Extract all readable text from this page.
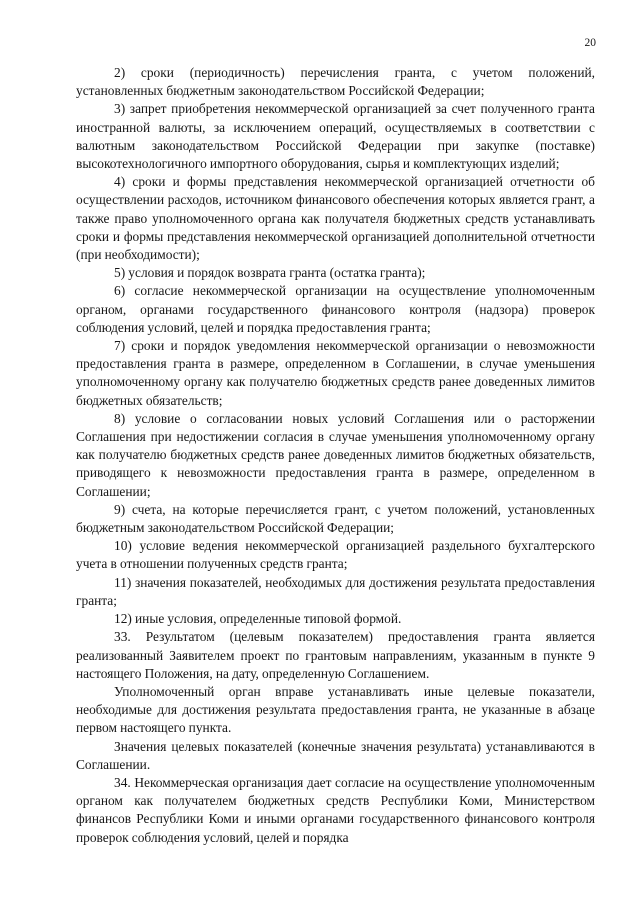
20

2) сроки (периодичность) перечисления гранта, с учетом положений, установленных бюджетным законодательством Российской Федерации;

3) запрет приобретения некоммерческой организацией за счет полученного гранта иностранной валюты, за исключением операций, осуществляемых в соответствии с валютным законодательством Российской Федерации при закупке (поставке) высокотехнологичного импортного оборудования, сырья и комплектующих изделий;

4) сроки и формы представления некоммерческой организацией отчетности об осуществлении расходов, источником финансового обеспечения которых является грант, а также право уполномоченного органа как получателя бюджетных средств устанавливать сроки и формы представления некоммерческой организацией дополнительной отчетности (при необходимости);

5) условия и порядок возврата гранта (остатка гранта);

6) согласие некоммерческой организации на осуществление уполномоченным органом, органами государственного финансового контроля (надзора) проверок соблюдения условий, целей и порядка предоставления гранта;

7) сроки и порядок уведомления некоммерческой организации о невозможности предоставления гранта в размере, определенном в Соглашении, в случае уменьшения уполномоченному органу как получателю бюджетных средств ранее доведенных лимитов бюджетных обязательств;

8) условие о согласовании новых условий Соглашения или о расторжении Соглашения при недостижении согласия в случае уменьшения уполномоченному органу как получателю бюджетных средств ранее доведенных лимитов бюджетных обязательств, приводящего к невозможности предоставления гранта в размере, определенном в Соглашении;

9) счета, на которые перечисляется грант, с учетом положений, установленных бюджетным законодательством Российской Федерации;

10) условие ведения некоммерческой организацией раздельного бухгалтерского учета в отношении полученных средств гранта;

11) значения показателей, необходимых для достижения результата предоставления гранта;

12) иные условия, определенные типовой формой.

33. Результатом (целевым показателем) предоставления гранта является реализованный Заявителем проект по грантовым направлениям, указанным в пункте 9 настоящего Положения, на дату, определенную Соглашением.

Уполномоченный орган вправе устанавливать иные целевые показатели, необходимые для достижения результата предоставления гранта, не указанные в абзаце первом настоящего пункта.

Значения целевых показателей (конечные значения результата) устанавливаются в Соглашении.

34. Некоммерческая организация дает согласие на осуществление уполномоченным органом как получателем бюджетных средств Республики Коми, Министерством финансов Республики Коми и иными органами государственного финансового контроля проверок соблюдения условий, целей и порядка
